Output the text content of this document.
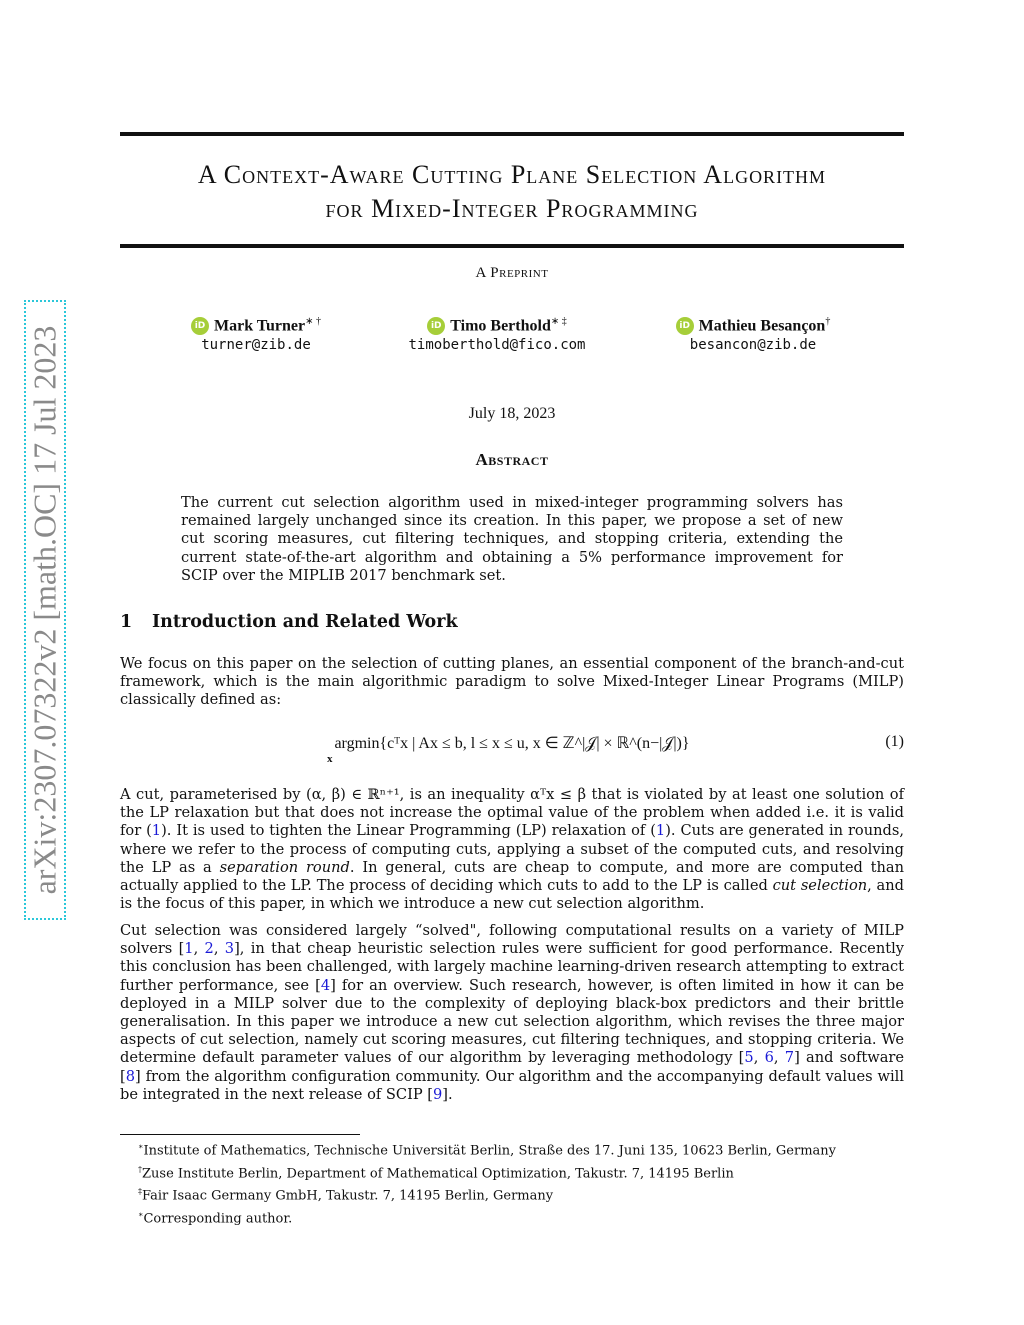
arXiv:2307.07322v2 [math.OC] 17 Jul 2023
A Context-Aware Cutting Plane Selection Algorithm
for Mixed-Integer Programming
A Preprint
iD Mark Turner∗ †
turner@zib.de
iD Timo Berthold∗ ‡
timoberthold@fico.com
iD Mathieu Besançon†
besancon@zib.de
July 18, 2023
Abstract
The current cut selection algorithm used in mixed-integer programming solvers has remained largely unchanged since its creation. In this paper, we propose a set of new cut scoring measures, cut filtering techniques, and stopping criteria, extending the current state-of-the-art algorithm and obtaining a 5% performance improvement for SCIP over the MIPLIB 2017 benchmark set.
1 Introduction and Related Work
We focus on this paper on the selection of cutting planes, an essential component of the branch-and-cut framework, which is the main algorithmic paradigm to solve Mixed-Integer Linear Programs (MILP) classically defined as:
argmin{cᵀx | Ax ≤ b, l ≤ x ≤ u, x ∈ ℤ^|𝒥| × ℝ^(n−|𝒥|)}
x
(1)
A cut, parameterised by (α, β) ∈ ℝⁿ⁺¹, is an inequality αᵀx ≤ β that is violated by at least one solution of the LP relaxation but that does not increase the optimal value of the problem when added i.e. it is valid for (1). It is used to tighten the Linear Programming (LP) relaxation of (1). Cuts are generated in rounds, where we refer to the process of computing cuts, applying a subset of the computed cuts, and resolving the LP as a separation round. In general, cuts are cheap to compute, and more are computed than actually applied to the LP. The process of deciding which cuts to add to the LP is called cut selection, and is the focus of this paper, in which we introduce a new cut selection algorithm.
Cut selection was considered largely “solved", following computational results on a variety of MILP solvers [1, 2, 3], in that cheap heuristic selection rules were sufficient for good performance. Recently this conclusion has been challenged, with largely machine learning-driven research attempting to extract further performance, see [4] for an overview. Such research, however, is often limited in how it can be deployed in a MILP solver due to the complexity of deploying black-box predictors and their brittle generalisation. In this paper we introduce a new cut selection algorithm, which revises the three major aspects of cut selection, namely cut scoring measures, cut filtering techniques, and stopping criteria. We determine default parameter values of our algorithm by leveraging methodology [5, 6, 7] and software [8] from the algorithm configuration community. Our algorithm and the accompanying default values will be integrated in the next release of SCIP [9].
∗Institute of Mathematics, Technische Universität Berlin, Straße des 17. Juni 135, 10623 Berlin, Germany
†Zuse Institute Berlin, Department of Mathematical Optimization, Takustr. 7, 14195 Berlin
‡Fair Isaac Germany GmbH, Takustr. 7, 14195 Berlin, Germany
∗Corresponding author.
